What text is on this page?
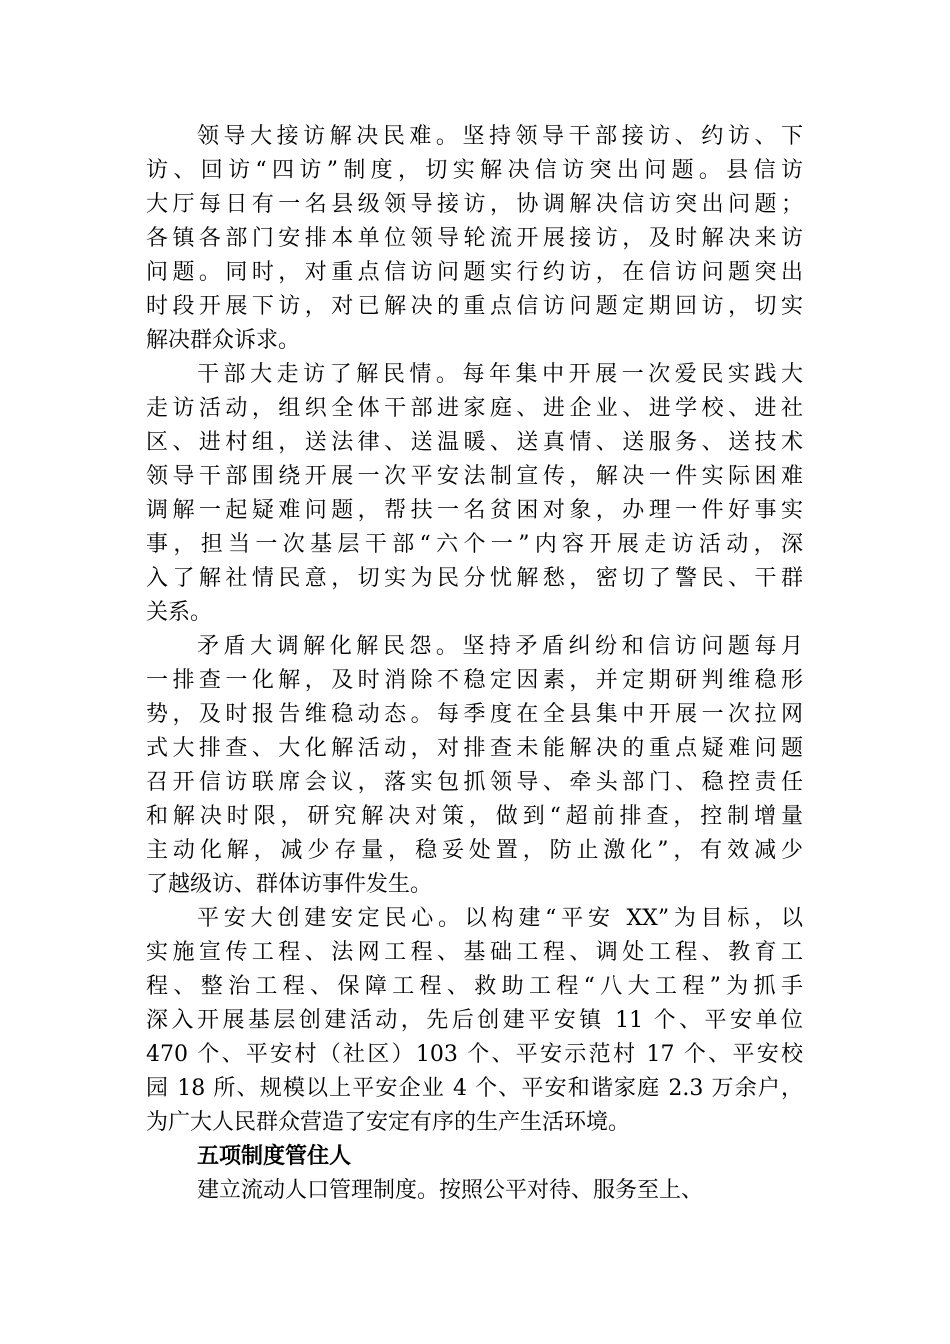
领导大接访解决民难。坚持领导干部接访、约访、下
访、回访“四访”制度，切实解决信访突出问题。县信访
大厅每日有一名县级领导接访，协调解决信访突出问题；
各镇各部门安排本单位领导轮流开展接访，及时解决来访
问题。同时，对重点信访问题实行约访，在信访问题突出
时段开展下访，对已解决的重点信访问题定期回访，切实
解决群众诉求。
干部大走访了解民情。每年集中开展一次爱民实践大
走访活动，组织全体干部进家庭、进企业、进学校、进社
区、进村组，送法律、送温暖、送真情、送服务、送技术
领导干部围绕开展一次平安法制宣传，解决一件实际困难
调解一起疑难问题，帮扶一名贫困对象，办理一件好事实
事，担当一次基层干部“六个一”内容开展走访活动，深
入了解社情民意，切实为民分忧解愁，密切了警民、干群
关系。
矛盾大调解化解民怨。坚持矛盾纠纷和信访问题每月
一排查一化解，及时消除不稳定因素，并定期研判维稳形
势，及时报告维稳动态。每季度在全县集中开展一次拉网
式大排查、大化解活动，对排查未能解决的重点疑难问题
召开信访联席会议，落实包抓领导、牵头部门、稳控责任
和解决时限，研究解决对策，做到“超前排查，控制增量
主动化解，减少存量，稳妥处置，防止激化”，有效减少
了越级访、群体访事件发生。
平安大创建安定民心。以构建“平安 XX”为目标，以
实施宣传工程、法网工程、基础工程、调处工程、教育工
程、整治工程、保障工程、救助工程“八大工程”为抓手
深入开展基层创建活动，先后创建平安镇 11 个、平安单位
470 个、平安村（社区）103 个、平安示范村 17 个、平安校
园 18 所、规模以上平安企业 4 个、平安和谐家庭 2.3 万余户，
为广大人民群众营造了安定有序的生产生活环境。
五项制度管住人
建立流动人口管理制度。按照公平对待、服务至上、
